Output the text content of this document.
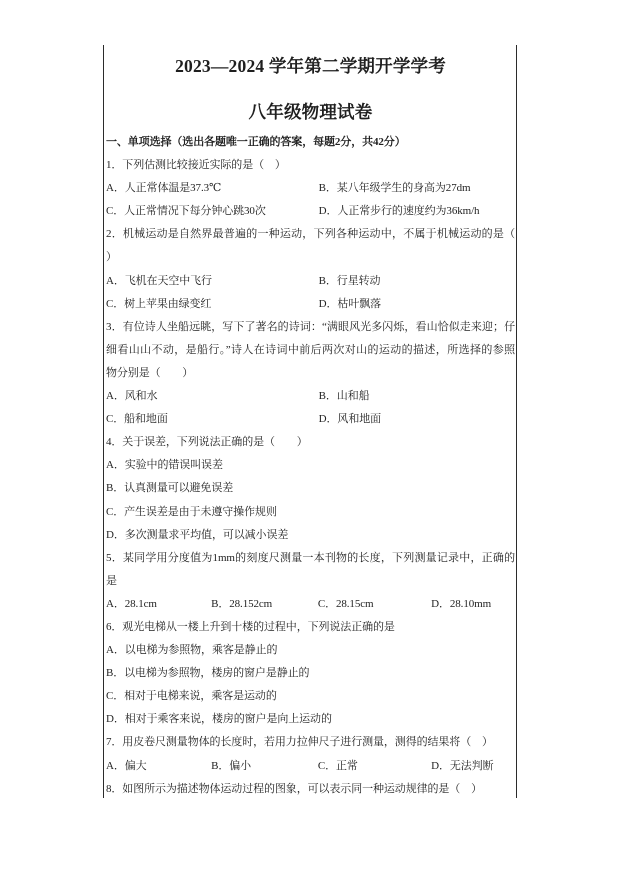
2023—2024 学年第二学期开学学考
八年级物理试卷
一、单项选择（选出各题唯一正确的答案，每题2分，共42分）
1．下列估测比较接近实际的是（　）
A．人正常体温是37.3℃	B．某八年级学生的身高为27dm
C．人正常情况下每分钟心跳30次	D．人正常步行的速度约为36km/h
2．机械运动是自然界最普遍的一种运动，下列各种运动中，不属于机械运动的是（
）
A．飞机在天空中飞行	B．行星转动
C．树上苹果由绿变红	D．枯叶飘落
3．有位诗人坐船远眺，写下了著名的诗词：“满眼风光多闪烁，看山恰似走来迎；仔
细看山山不动，是船行。”诗人在诗词中前后两次对山的运动的描述，所选择的参照
物分别是（　　）
A．风和水	B．山和船
C．船和地面	D．风和地面
4．关于误差，下列说法正确的是（　　）
A．实验中的错误叫误差
B．认真测量可以避免误差
C．产生误差是由于未遵守操作规则
D．多次测量求平均值，可以减小误差
5．某同学用分度值为1mm的刻度尺测量一本刊物的长度，下列测量记录中，正确的
是
A．28.1cm	B．28.152cm	C．28.15cm	D．28.10mm
6．观光电梯从一楼上升到十楼的过程中，下列说法正确的是
A．以电梯为参照物，乘客是静止的
B．以电梯为参照物，楼房的窗户是静止的
C．相对于电梯来说，乘客是运动的
D．相对于乘客来说，楼房的窗户是向上运动的
7．用皮卷尺测量物体的长度时，若用力拉伸尺子进行测量，测得的结果将（　）
A．偏大	B．偏小	C．正常	D．无法判断
8．如图所示为描述物体运动过程的图象，可以表示同一种运动规律的是（　）
